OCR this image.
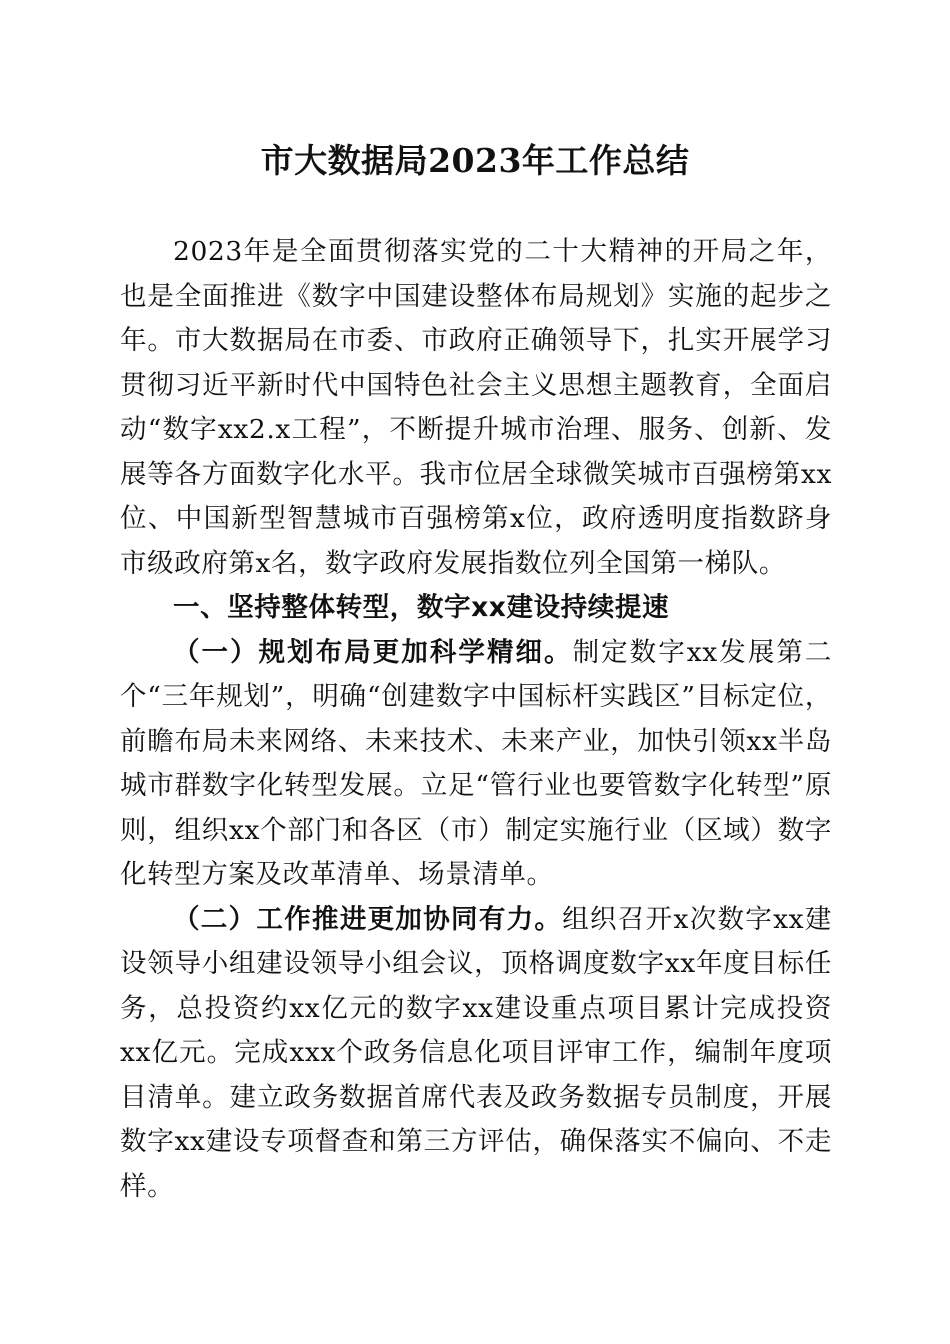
市大数据局2023年工作总结

2023年是全面贯彻落实党的二十大精神的开局之年，也是全面推进《数字中国建设整体布局规划》实施的起步之年。市大数据局在市委、市政府正确领导下，扎实开展学习贯彻习近平新时代中国特色社会主义思想主题教育，全面启动“数字xx2.x工程”，不断提升城市治理、服务、创新、发展等各方面数字化水平。我市位居全球微笑城市百强榜第xx位、中国新型智慧城市百强榜第x位，政府透明度指数跻身市级政府第x名，数字政府发展指数位列全国第一梯队。

一、坚持整体转型，数字xx建设持续提速

（一）规划布局更加科学精细。制定数字xx发展第二个“三年规划”，明确“创建数字中国标杆实践区”目标定位，前瞻布局未来网络、未来技术、未来产业，加快引领xx半岛城市群数字化转型发展。立足“管行业也要管数字化转型”原则，组织xx个部门和各区（市）制定实施行业（区域）数字化转型方案及改革清单、场景清单。

（二）工作推进更加协同有力。组织召开x次数字xx建设领导小组建设领导小组会议，顶格调度数字xx年度目标任务，总投资约xx亿元的数字xx建设重点项目累计完成投资xx亿元。完成xxx个政务信息化项目评审工作，编制年度项目清单。建立政务数据首席代表及政务数据专员制度，开展数字xx建设专项督查和第三方评估，确保落实不偏向、不走样。
